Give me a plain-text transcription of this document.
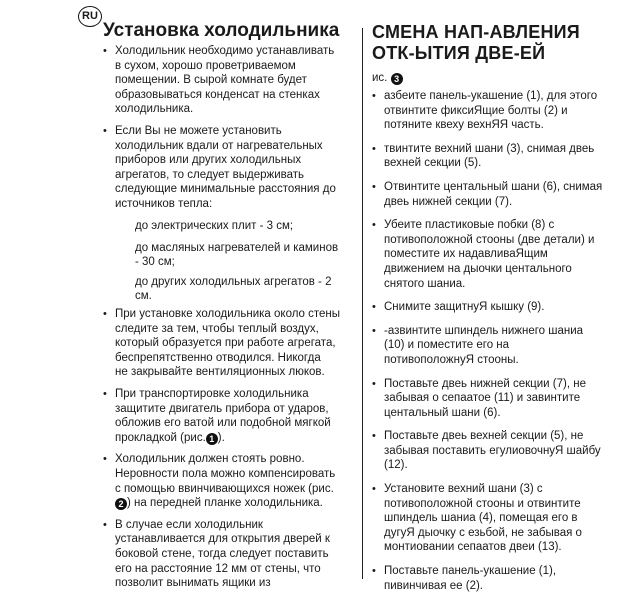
RU
Установка холодильника
• Холодильник необходимо устанавливать
в сухом, хорошо проветриваемом
помещении. В сырой комнате будет
образовываться конденсат на стенках
холодильника.
• Если Вы не можете установить
холодильник вдали от нагревательных
приборов или других холодильных
агрегатов, то следует выдерживать
следующие минимальные расстояния до
источников тепла:
до электрических плит - 3 см;
до масляных нагревателей и каминов
- 30 см;
до других холодильных агрегатов - 2
см.
• При установке холодильника около стены
следите за тем, чтобы теплый воздух,
который образуется при работе агрегата,
беспрепятственно отводился. Никогда
не закрывайте вентиляционных люков.
• При транспортировке холодильника
защитите двигатель прибора от ударов,
обложив его ватой или подобной мягкой
прокладкой (рис. 1 ).
• Холодильник должен стоять ровно.
Неровности пола можно компенсировать
с помощью ввинчивающихся ножек (рис.
2 ) на передней планке холодильника.
• В случае если холодильник
устанавливается для открытия дверей к
боковой стене, тогда следует поставить
его на расстояние 12 мм от стены, что
позволит вынимать ящики из
СМЕНА НАП-АВЛЕНИЯ
ОТК-ЫТИЯ ДВЕ-ЕЙ
ис. 3
• азбеите панель-укашение (1), для этого
отвинтите фиксиЯщие болты (2) и
потяните квеху вехнЯЯ часть.
• твинтите вехний шани (3), снимая двеь
вехней секции (5).
• Отвинтите центальный шани (6), снимая
двеь нижней секции (7).
• Убеите пластиковые побки (8) с
потивоположной стооны (две детали) и
поместите их надавливаЯщим
движением на дыочки центального
снятого шаниа.
• Снимите защитнуЯ кышку (9).
• -азвинтите шпиндель нижнего шаниа
(10) и поместите его на
потивоположнуЯ стооны.
• Поставьте двеь нижней секции (7), не
забывая о сепаатое (11) и завинтите
центальный шани (6).
• Поставьте двеь вехней секции (5), не
забывая поставить егулиовочнуЯ шайбу
(12).
• Установите вехний шани (3) с
потивоположной стооны и отвинтите
шпиндель шаниа (4), помещая его в
дугуЯ дыочку с езьбой, не забывая о
монтиовании сепаатов двеи (13).
• Поставьте панель-укашение (1),
пивинчивая ее (2).
